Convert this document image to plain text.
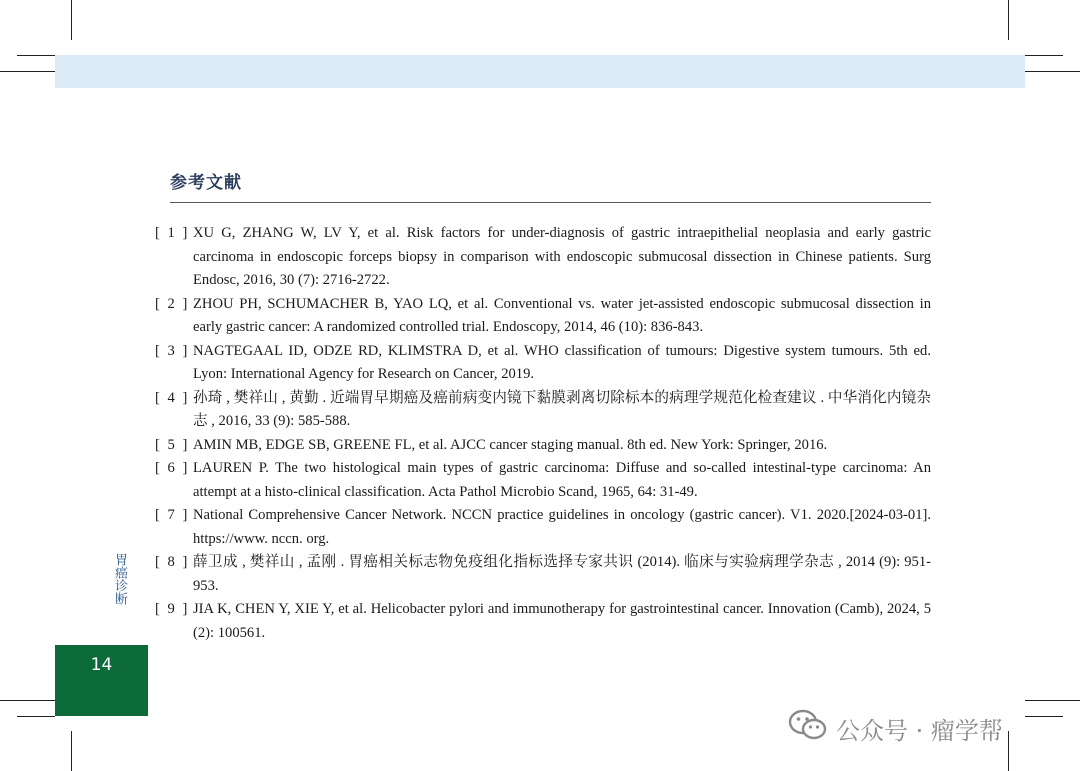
参考文献
[ 1 ] XU G, ZHANG W, LV Y, et al. Risk factors for under-diagnosis of gastric intraepithelial neoplasia and early gastric carcinoma in endoscopic forceps biopsy in comparison with endoscopic submucosal dissection in Chinese patients. Surg Endosc, 2016, 30 (7): 2716-2722.
[ 2 ] ZHOU PH, SCHUMACHER B, YAO LQ, et al. Conventional vs. water jet-assisted endoscopic submucosal dissection in early gastric cancer: A randomized controlled trial. Endoscopy, 2014, 46 (10): 836-843.
[ 3 ] NAGTEGAAL ID, ODZE RD, KLIMSTRA D, et al. WHO classification of tumours: Digestive system tumours. 5th ed. Lyon: International Agency for Research on Cancer, 2019.
[ 4 ] 孙琦 , 樊祥山 , 黄勤 . 近端胃早期癌及癌前病变内镜下黏膜剥离切除标本的病理学规范化检查建议 . 中华消化内镜杂志 , 2016, 33 (9): 585-588.
[ 5 ] AMIN MB, EDGE SB, GREENE FL, et al. AJCC cancer staging manual. 8th ed. New York: Springer, 2016.
[ 6 ] LAUREN P. The two histological main types of gastric carcinoma: Diffuse and so-called intestinal-type carcinoma: An attempt at a histo-clinical classification. Acta Pathol Microbio Scand, 1965, 64: 31-49.
[ 7 ] National Comprehensive Cancer Network. NCCN practice guidelines in oncology (gastric cancer). V1. 2020.[2024-03-01]. https://www. nccn. org.
[ 8 ] 薛卫成 , 樊祥山 , 孟刚 . 胃癌相关标志物免疫组化指标选择专家共识 (2014). 临床与实验病理学杂志 , 2014 (9): 951-953.
[ 9 ] JIA K, CHEN Y, XIE Y, et al. Helicobacter pylori and immunotherapy for gastrointestinal cancer. Innovation (Camb), 2024, 5 (2): 100561.
胃癌诊断
14
公众号 · 瘤学帮
